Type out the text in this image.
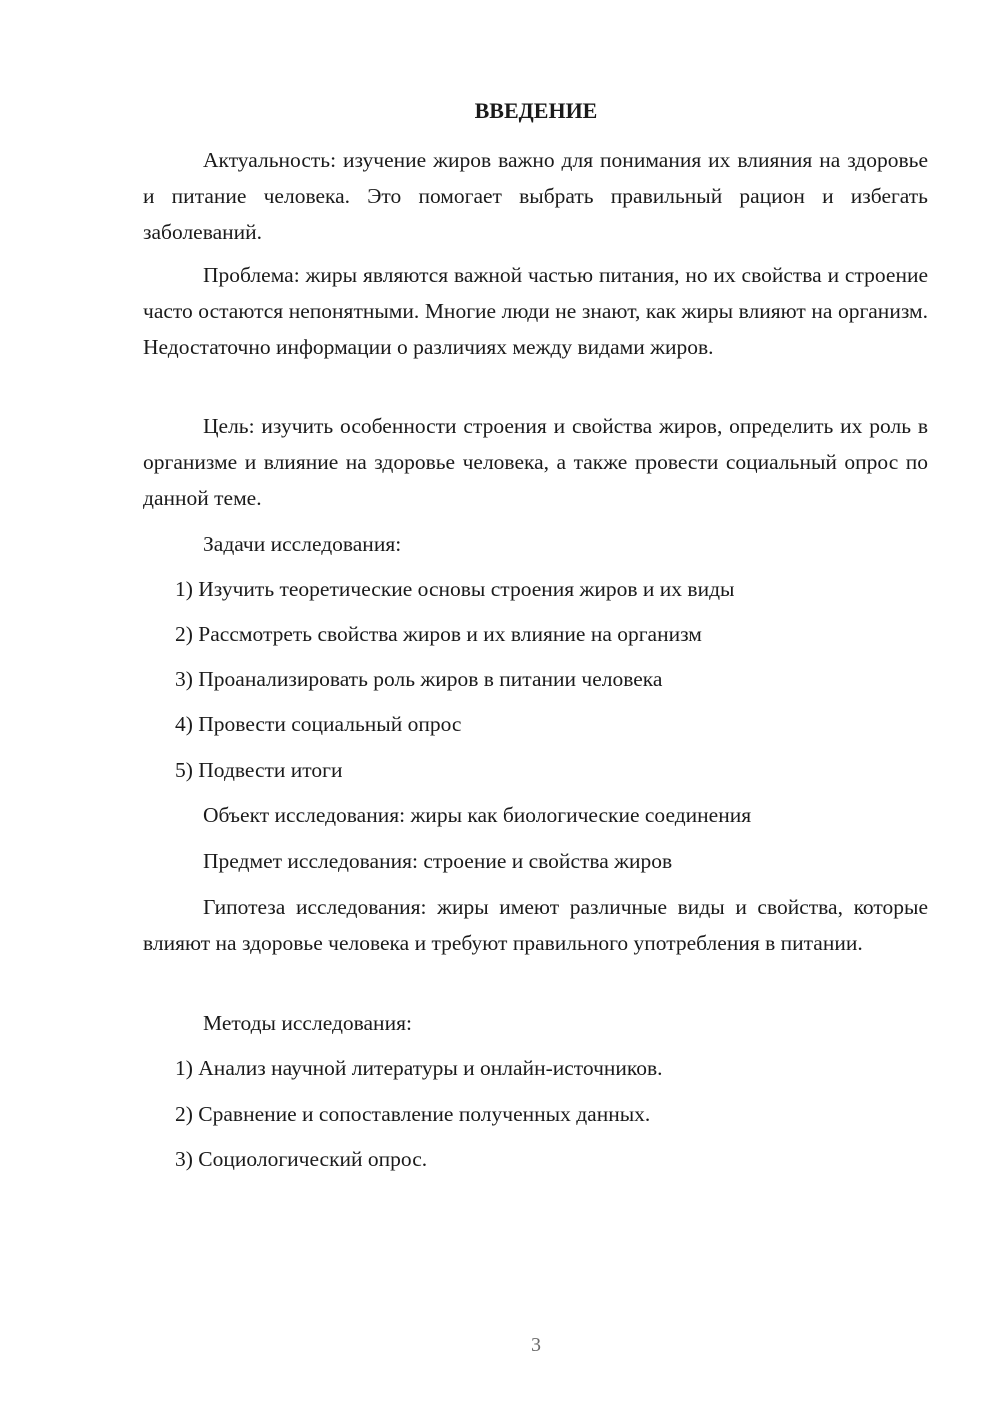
ВВЕДЕНИЕ
Актуальность: изучение жиров важно для понимания их влияния на здоровье и питание человека. Это помогает выбрать правильный рацион и избегать заболеваний.
Проблема: жиры являются важной частью питания, но их свойства и строение часто остаются непонятными. Многие люди не знают, как жиры влияют на организм. Недостаточно информации о различиях между видами жиров.
Цель: изучить особенности строения и свойства жиров, определить их роль в организме и влияние на здоровье человека, а также провести социальный опрос по данной теме.
Задачи исследования:
1) Изучить теоретические основы строения жиров и их виды
2) Рассмотреть свойства жиров и их влияние на организм
3) Проанализировать роль жиров в питании человека
4) Провести социальный опрос
5) Подвести итоги
Объект исследования: жиры как биологические соединения
Предмет исследования: строение и свойства жиров
Гипотеза исследования: жиры имеют различные виды и свойства, которые влияют на здоровье человека и требуют правильного употребления в питании.
Методы исследования:
1) Анализ научной литературы и онлайн-источников.
2) Сравнение и сопоставление полученных данных.
3) Социологический опрос.
3
